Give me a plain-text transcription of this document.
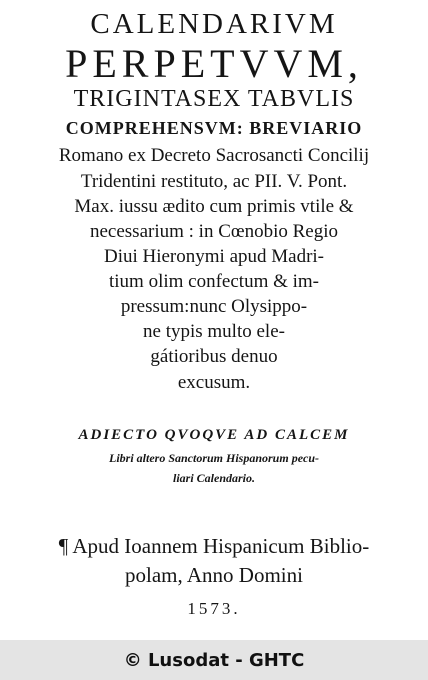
CALENDARIVM
PERPETVVM,
TRIGINTASEX TABVLIS
COMPREHENSVM: BREVIARIO
Romano ex Decreto Sacrosancti Concilij
Tridentini restituto, ac PII. V. Pont.
Max. iussu ædito cum primis vtile &
necessarium : in Cœnobio Regio
Diui Hieronymi apud Madri-
tium olim confectum & im-
pressum:nunc Olysippo-
ne typis multo ele-
gátioribus denuo
excusum.
ADIECTO QVOQVE AD CALCEM
Libri altero Sanctorum Hispanorum pecu-
liari Calendario.
¶ Apud Ioannem Hispanicum Biblio-
polam, Anno Domini
1573.
© Lusodat - GHTC
